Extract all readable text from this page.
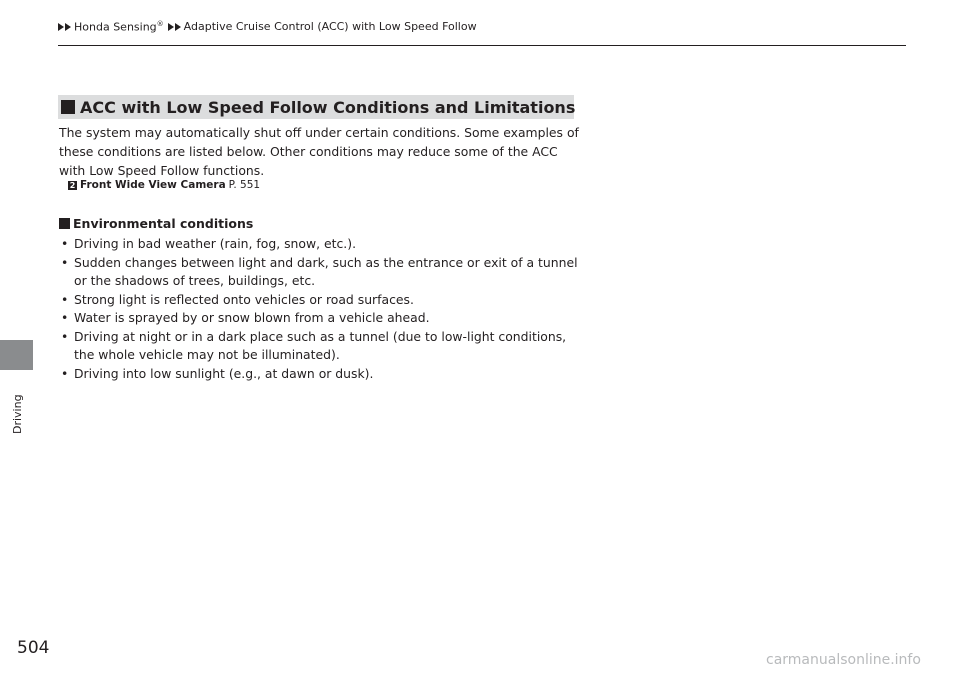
Honda Sensing® Adaptive Cruise Control (ACC) with Low Speed Follow
Driving
ACC with Low Speed Follow Conditions and Limitations

The system may automatically shut off under certain conditions. Some examples of these conditions are listed below. Other conditions may reduce some of the ACC with Low Speed Follow functions.

2 Front Wide View Camera P. 551
Environmental conditions
• Driving in bad weather (rain, fog, snow, etc.).
• Sudden changes between light and dark, such as the entrance or exit of a tunnel or the shadows of trees, buildings, etc.
• Strong light is reflected onto vehicles or road surfaces.
• Water is sprayed by or snow blown from a vehicle ahead.
• Driving at night or in a dark place such as a tunnel (due to low-light conditions, the whole vehicle may not be illuminated).
• Driving into low sunlight (e.g., at dawn or dusk).
504
carmanualsonline.info
